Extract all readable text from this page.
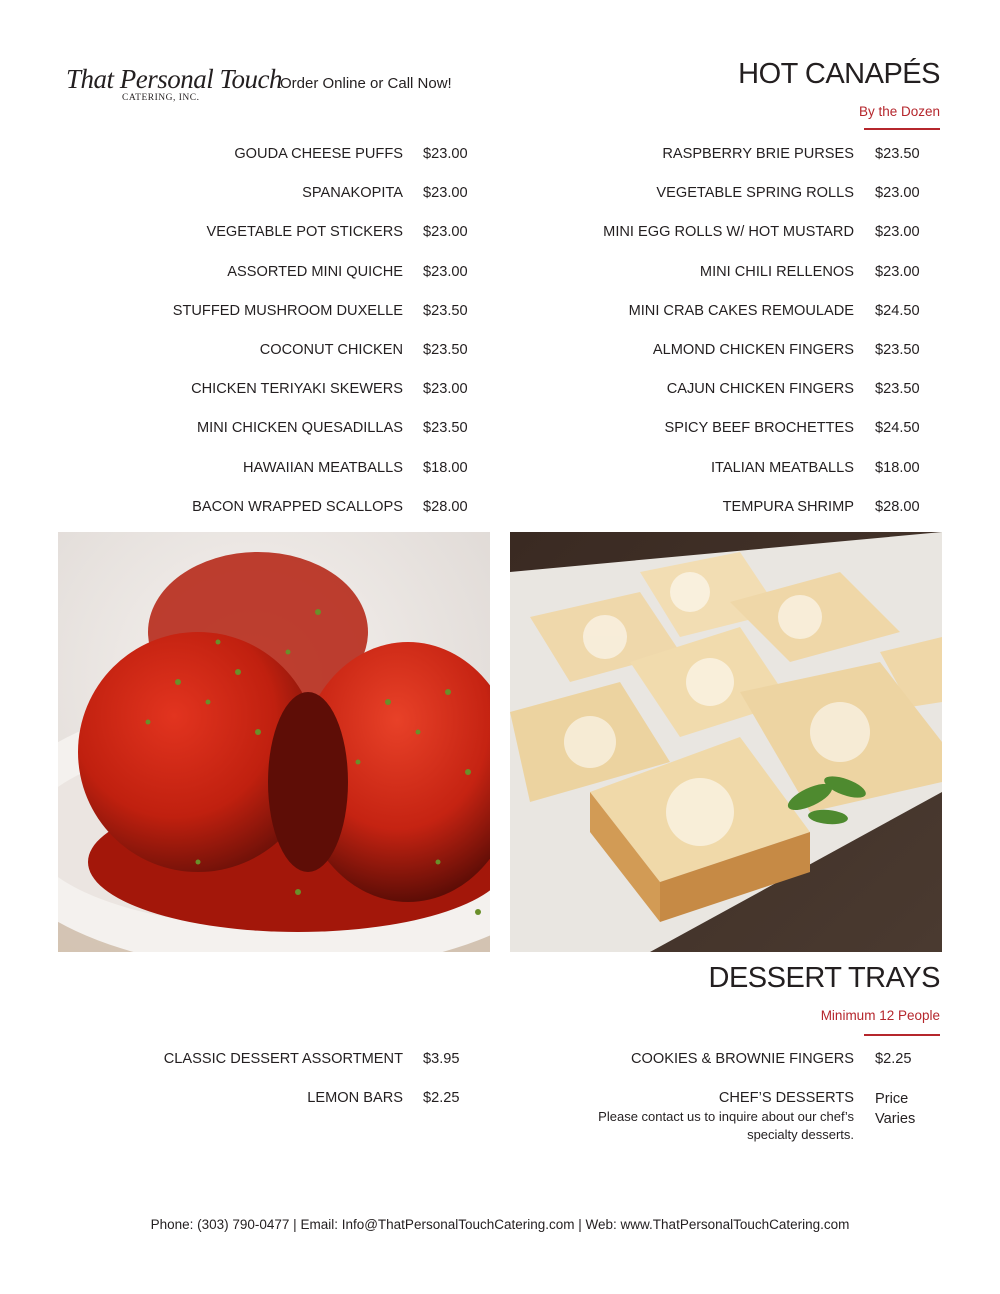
That Personal Touch
CATERING, INC.
Order Online or Call Now!	HOT CANAPÉS
By the Dozen
GOUDA CHEESE PUFFS $23.00
SPANAKOPITA $23.00
VEGETABLE POT STICKERS $23.00
ASSORTED MINI QUICHE $23.00
STUFFED MUSHROOM DUXELLE $23.50
COCONUT CHICKEN $23.50
CHICKEN TERIYAKI SKEWERS $23.00
MINI CHICKEN QUESADILLAS $23.50
HAWAIIAN MEATBALLS $18.00
BACON WRAPPED SCALLOPS $28.00
RASPBERRY BRIE PURSES $23.50
VEGETABLE SPRING ROLLS $23.00
MINI EGG ROLLS W/ HOT MUSTARD $23.00
MINI CHILI RELLENOS $23.00
MINI CRAB CAKES REMOULADE $24.50
ALMOND CHICKEN FINGERS $23.50
CAJUN CHICKEN FINGERS $23.50
SPICY BEEF BROCHETTES $24.50
ITALIAN MEATBALLS $18.00
TEMPURA SHRIMP $28.00
DESSERT TRAYS
Minimum 12 People
CLASSIC DESSERT ASSORTMENT $3.95
LEMON BARS $2.25
COOKIES & BROWNIE FINGERS $2.25
CHEF’S DESSERTS
Please contact us to inquire about our chef’s
specialty desserts.
Price
Varies
Phone: (303) 790-0477 | Email: Info@ThatPersonalTouchCatering.com | Web: www.ThatPersonalTouchCatering.com
